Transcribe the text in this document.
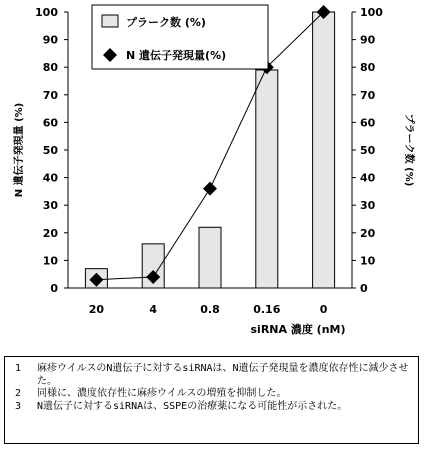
0
10
20
30
40
50
60
70
80
90
100
0
10
20
30
40
50
60
70
80
90
100
20	4	0.8	0.16	0
N 遺伝子発現量 (%)	プラーク数 (%)
siRNA 濃度 (nM)
プラーク数 (%)
N 遺伝子発現量(%)
1	麻疹ウイルスのN遺伝子に対するsiRNAは、N遺伝子発現量を濃度依存性に減少させた。
2	同様に、濃度依存性に麻疹ウイルスの増殖を抑制した。
3	N遺伝子に対するsiRNAは、SSPEの治療薬になる可能性が示された。
